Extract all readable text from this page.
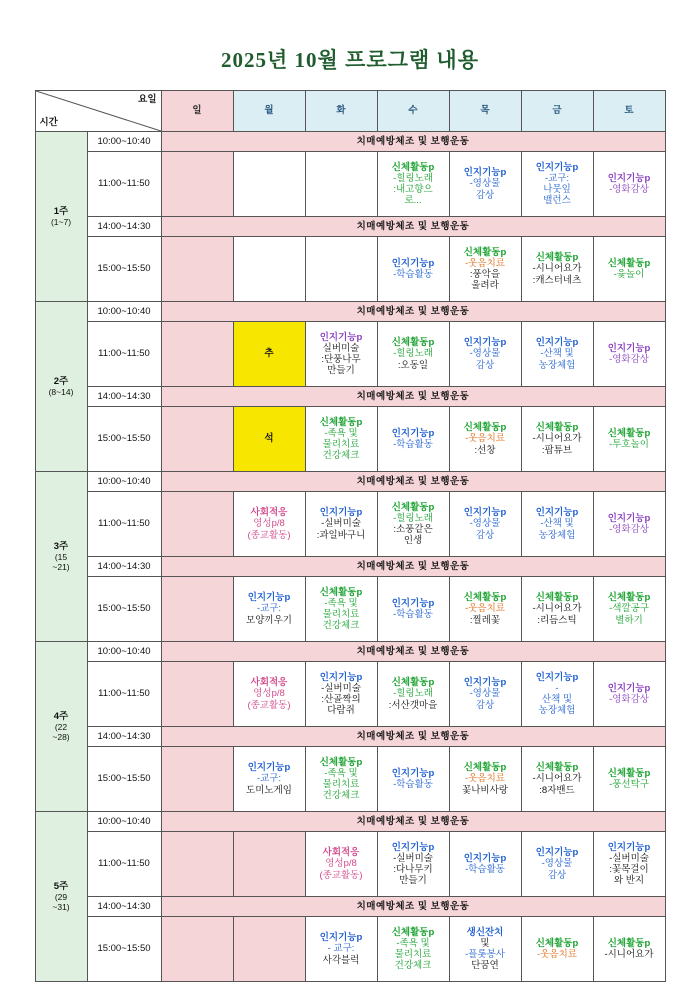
2025년 10월 프로그램 내용
요일
시간		일	월	화	수	목	금	토
1주
(1~7)	10:00~10:40	치매예방체조 및 보행운동						
	11:00~11:50				신체활동p
-힐링노래
:내고향으
로...	인지기능p
-영상물
감상	인지기능p
-교구:
나뭇잎
밸런스	인지기능p
-영화감상

	14:00~14:30	치매예방체조 및 보행운동						
	15:00~15:50				인지기능p
-학습활동	신체활동p
-웃음치료
:풍악을
울려라	신체활동p
-시니어요가
:캐스터네츠	신체활동p
-윷놀이

2주
(8~14)	10:00~10:40	치매예방체조 및 보행운동						
	11:00~11:50		추	인지기능p
실버미술
:단풍나무
만들기	신체활동p
-힐링노래
:오동일	인지기능p
-영상물
감상	인지기능p
-산책 및
농장체험	인지기능p
-영화감상

	14:00~14:30	치매예방체조 및 보행운동						
	15:00~15:50		석	신체활동p
-족욕 및
물리치료
건강체크	인지기능p
-학습활동	신체활동p
-웃음치료
:선창	신체활동p
-시니어요가
:팝튜브	신체활동p
-투호놀이

3주
(15
~21)	10:00~10:40	치매예방체조 및 보행운동						
	11:00~11:50		사회적응
영성p/8
(종교활동)	인지기능p
-실버미술
:과일바구니	신체활동p
-힐링노래
:소풍같은
인생	인지기능p
-영상물
감상	인지기능p
-산책 및
농장체험	인지기능p
-영화감상

	14:00~14:30	치매예방체조 및 보행운동						
	15:00~15:50		인지기능p
-교구:
모양끼우기	신체활동p
-족욕 및
물리치료
건강체크	인지기능p
-학습활동	신체활동p
-웃음치료
:찔레꽃	신체활동p
-시니어요가
:리듬스틱	신체활동p
-색깔공구
별하기

4주
(22
~28)	10:00~10:40	치매예방체조 및 보행운동						
	11:00~11:50		사회적응
영성p/8
(종교활동)	인지기능p
-실버미술
:산골짝의
다람쥐	신체활동p
-힐링노래
:서산갯마을	인지기능p
-영상물
감상	인지기능p
-
산책 및
농장체험	인지기능p
-영화감상

	14:00~14:30	치매예방체조 및 보행운동						
	15:00~15:50		인지기능p
-교구:
도미노게임	신체활동p
-족욕 및
물리치료
건강체크	인지기능p
-학습활동	신체활동p
-웃음치료
꽃나비사랑	신체활동p
-시니어요가
:8자밴드	신체활동p
-풍선탁구

5주
(29
~31)	10:00~10:40	치매예방체조 및 보행운동						
	11:00~11:50			사회적응
영성p/8
(종교활동)	인지기능p
-실버미술
:다나무키
만들기	인지기능p
-학습활동	인지기능p
-영상물
감상	인지기능p
-실버미술
:꽃목걸이
와 반지

	14:00~14:30	치매예방체조 및 보행운동						
	15:00~15:50			인지기능p
- 교구:
사각블럭	신체활동p
-족욕 및
물리치료
건강체크	생신잔치
및
-플롯봉사
단꿈연	신체활동p
-웃음치료	신체활동p
-시니어요가
